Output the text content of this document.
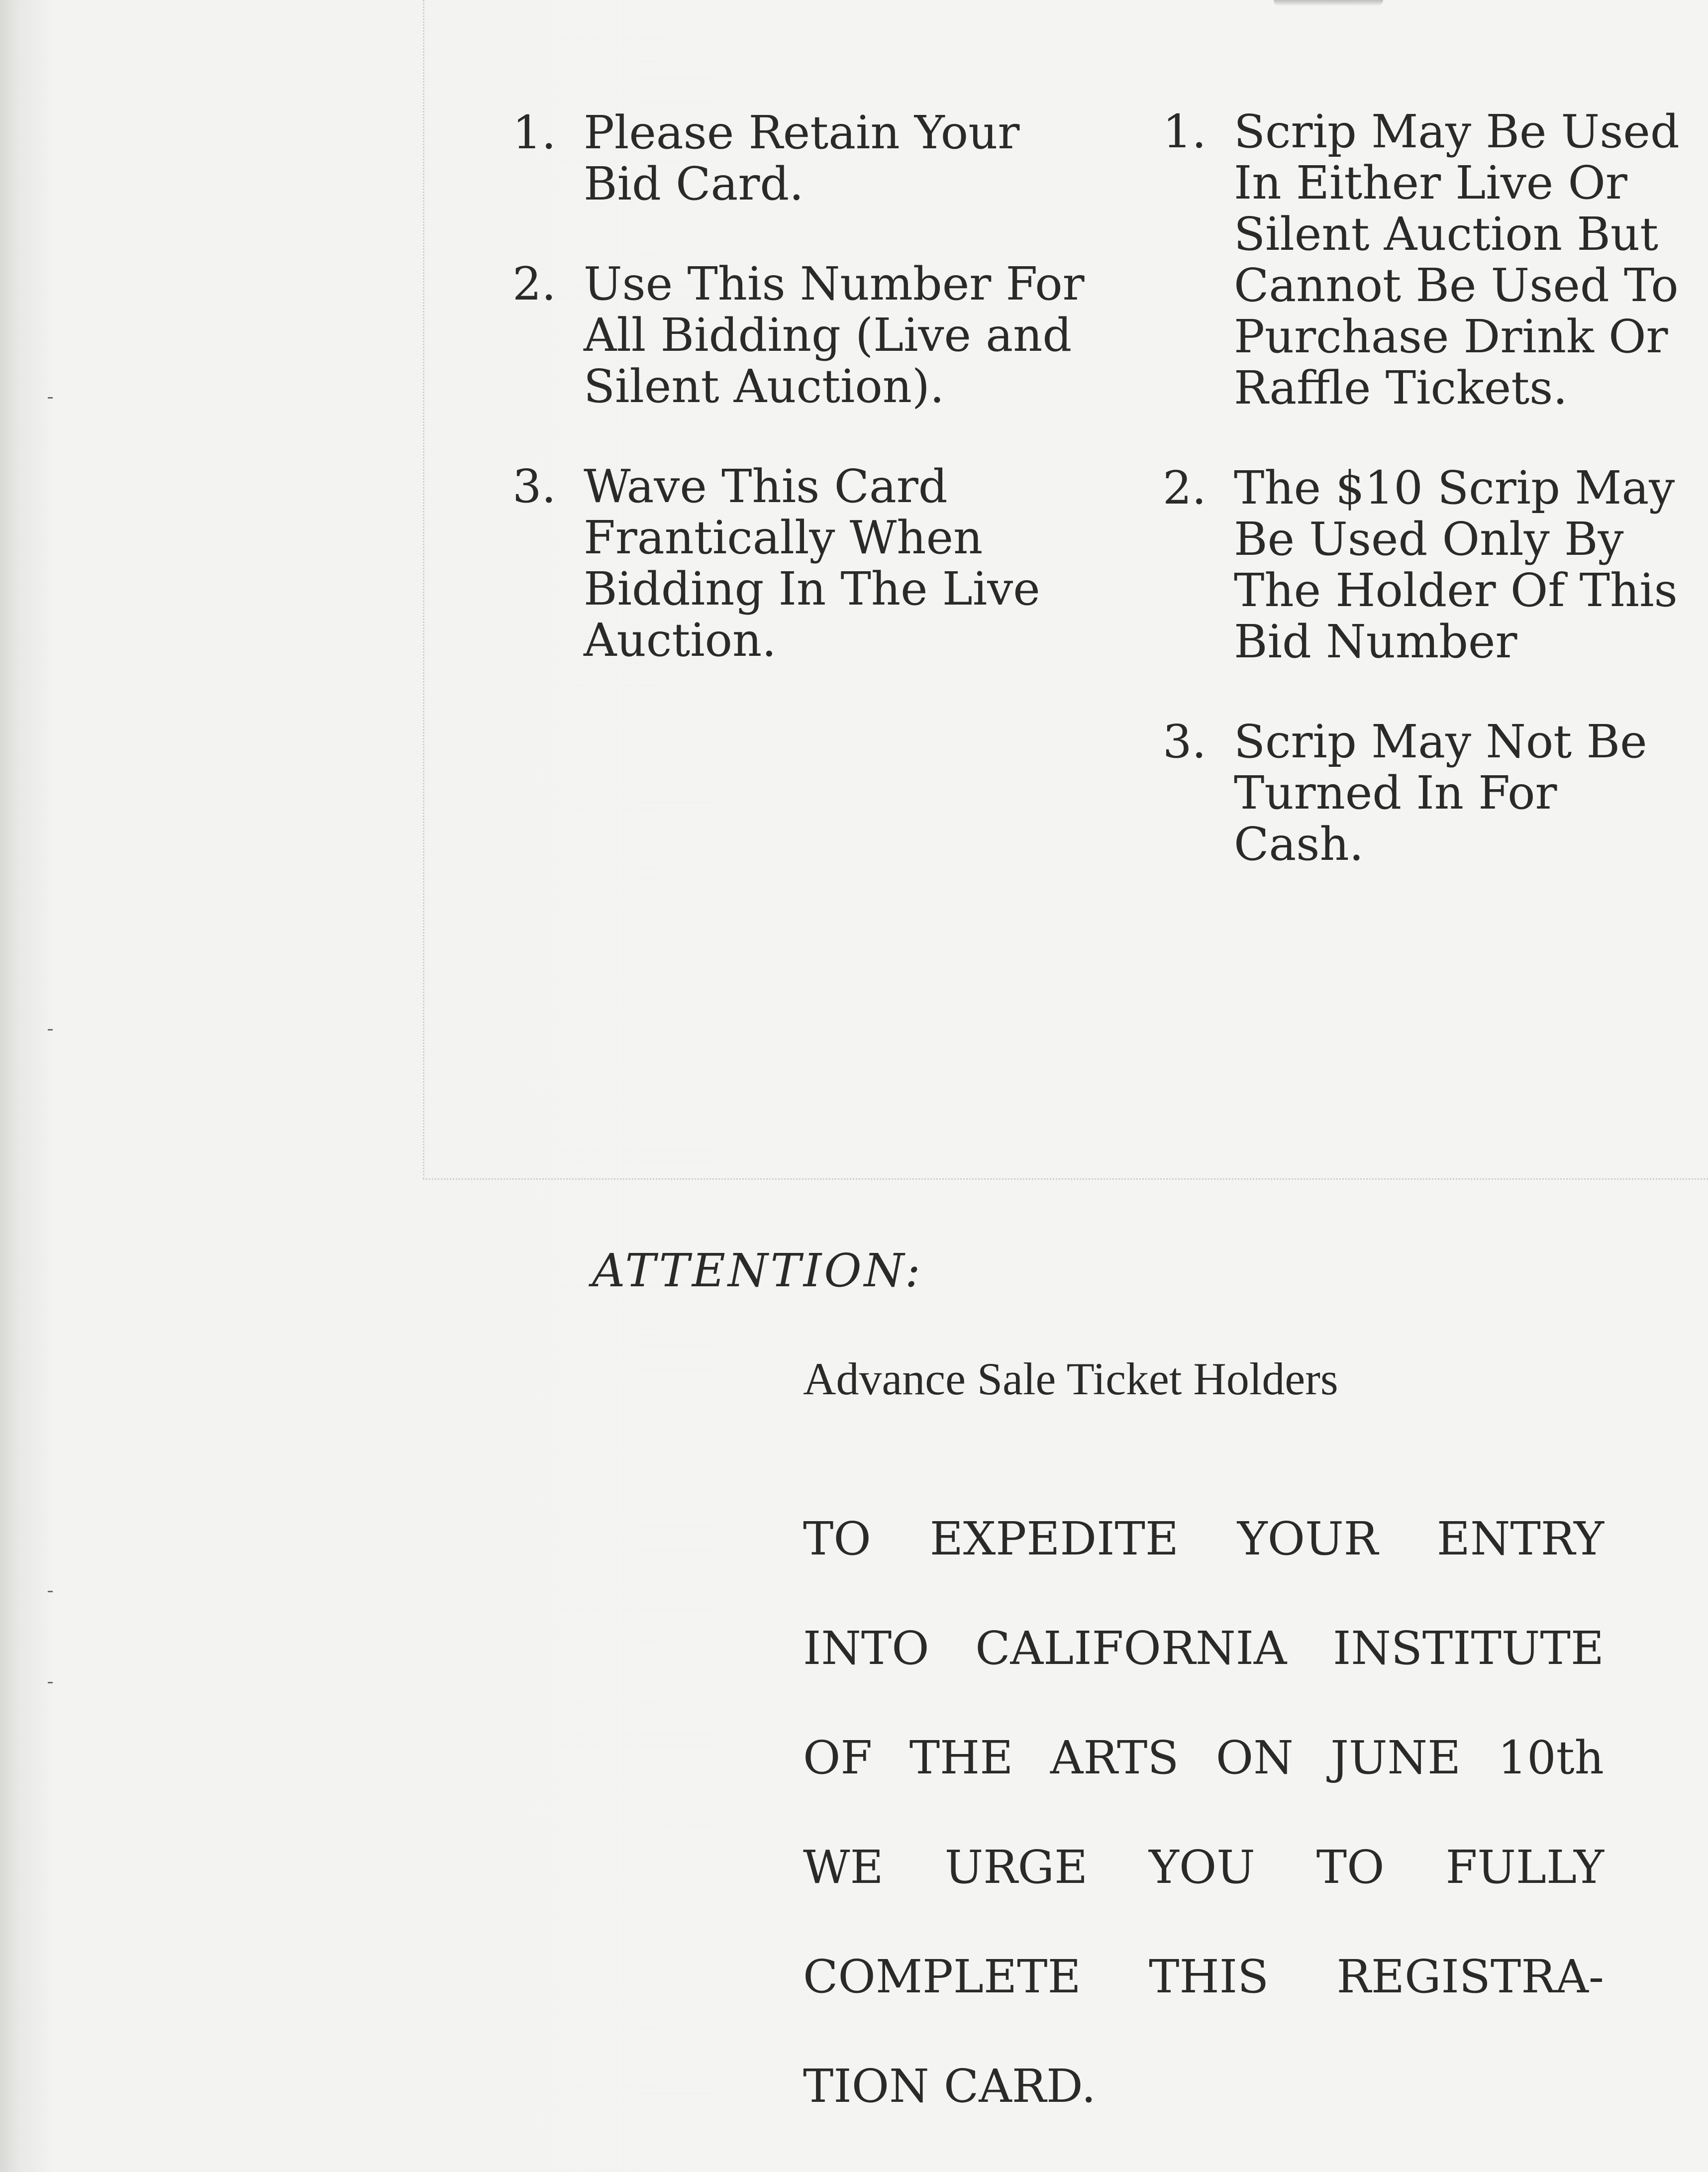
1. Please Retain Your Bid Card.
2. Use This Number For All Bidding (Live and Silent Auction).
3. Wave This Card Frantically When Bidding In The Live Auction.
1. Scrip May Be Used In Either Live Or Silent Auction But Cannot Be Used To Purchase Drink Or Raffle Tickets.
2. The $10 Scrip May Be Used Only By The Holder Of This Bid Number
3. Scrip May Not Be Turned In For Cash.
ATTENTION:
Advance Sale Ticket Holders
TO EXPEDITE YOUR ENTRY
INTO CALIFORNIA INSTITUTE
OF THE ARTS ON JUNE 10th
WE URGE YOU TO FULLY
COMPLETE THIS REGISTRA-
TION CARD.
